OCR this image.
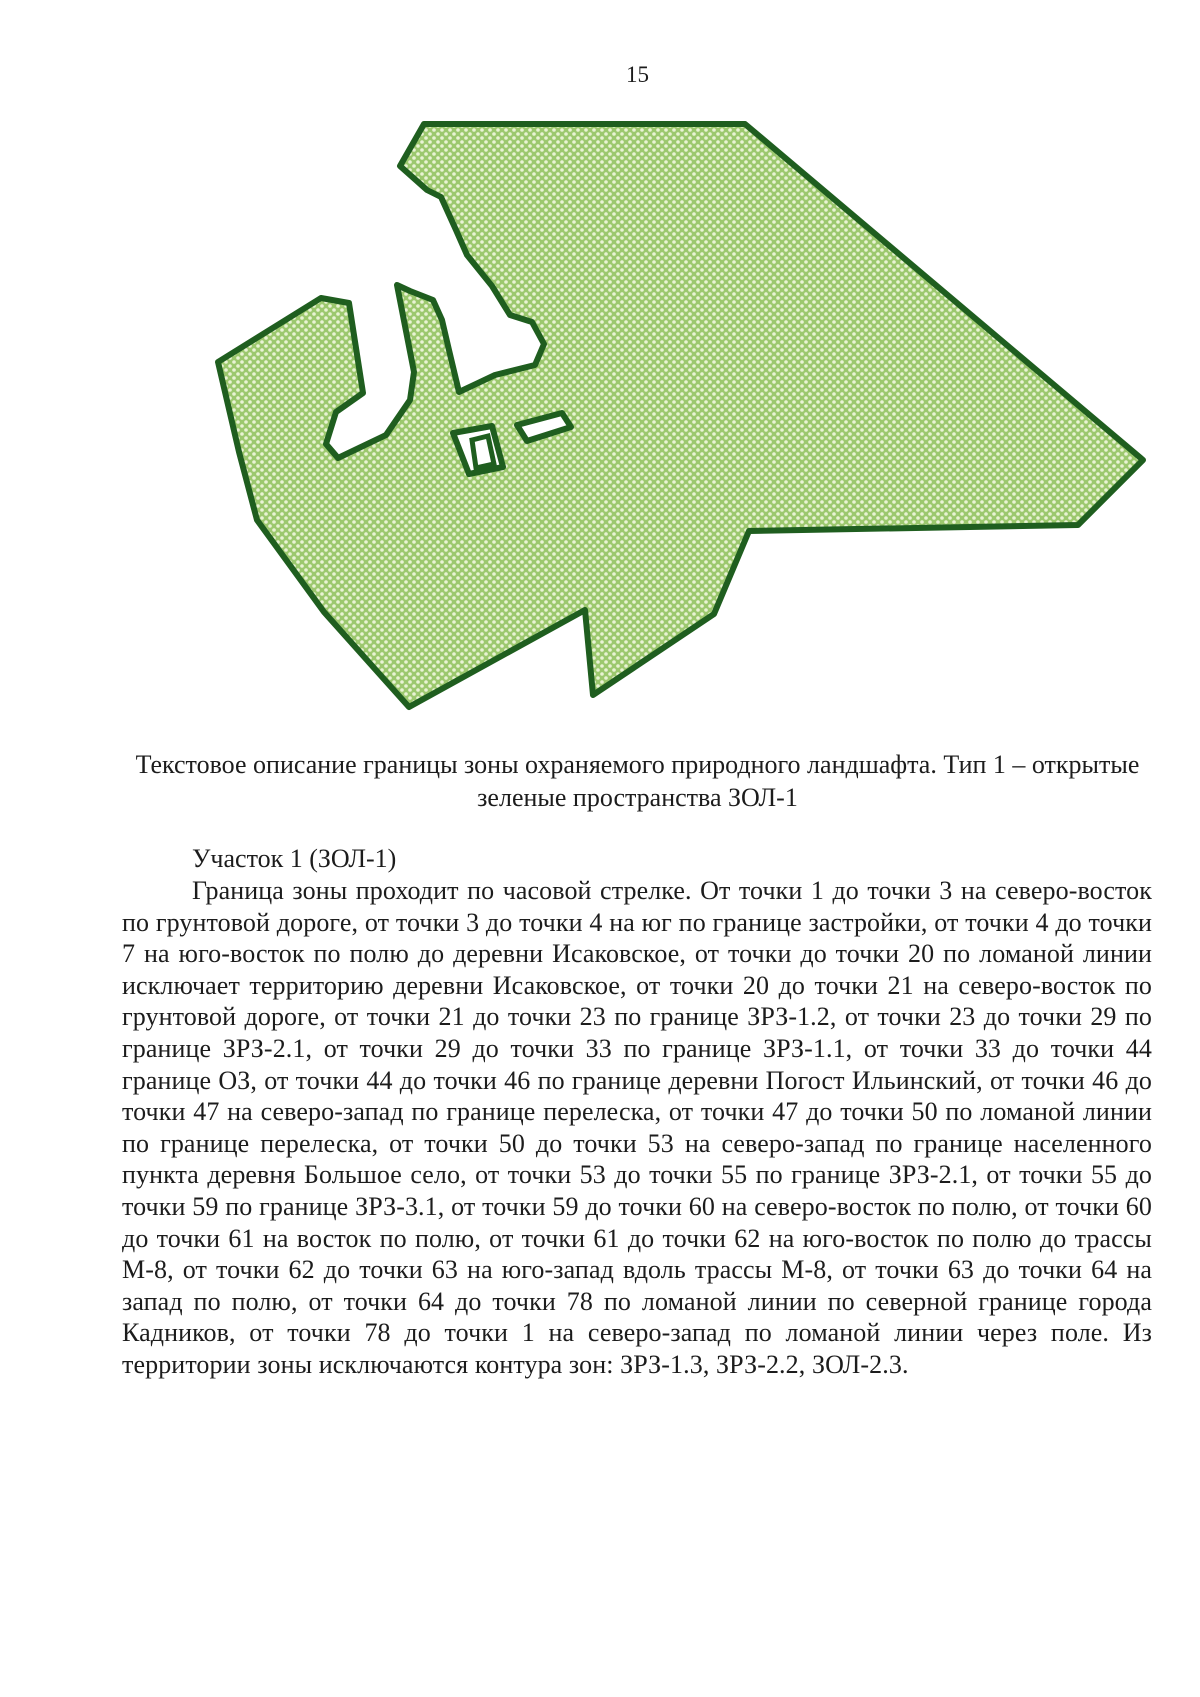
15
Текстовое описание границы зоны охраняемого природного ландшафта. Тип 1 – открытые зеленые пространства ЗОЛ-1
Участок 1 (ЗОЛ-1)
Граница зоны проходит по часовой стрелке. От точки 1 до точки 3 на северо-восток по грунтовой дороге, от точки 3 до точки 4 на юг по границе застройки, от точки 4 до точки 7 на юго-восток по полю до деревни Исаковское, от точки до точки 20 по ломаной линии исключает территорию деревни Исаковское, от точки 20 до точки 21 на северо-восток по грунтовой дороге, от точки 21 до точки 23 по границе ЗРЗ-1.2, от точки 23 до точки 29 по границе ЗРЗ-2.1, от точки 29 до точки 33 по границе ЗРЗ-1.1, от точки 33 до точки 44 границе ОЗ, от точки 44 до точки 46 по границе деревни Погост Ильинский, от точки 46 до точки 47 на северо-запад по границе перелеска, от точки 47 до точки 50 по ломаной линии по границе перелеска, от точки 50 до точки 53 на северо-запад по границе населенного пункта деревня Большое село, от точки 53 до точки 55 по границе ЗРЗ-2.1, от точки 55 до точки 59 по границе ЗРЗ-3.1, от точки 59 до точки 60 на северо-восток по полю, от точки 60 до точки 61 на восток по полю, от точки 61 до точки 62 на юго-восток по полю до трассы М-8, от точки 62 до точки 63 на юго-запад вдоль трассы М-8, от точки 63 до точки 64 на запад по полю, от точки 64 до точки 78 по ломаной линии по северной границе города Кадников, от точки 78 до точки 1 на северо-запад по ломаной линии через поле. Из территории зоны исключаются контура зон: ЗРЗ-1.3, ЗРЗ-2.2, ЗОЛ-2.3.
